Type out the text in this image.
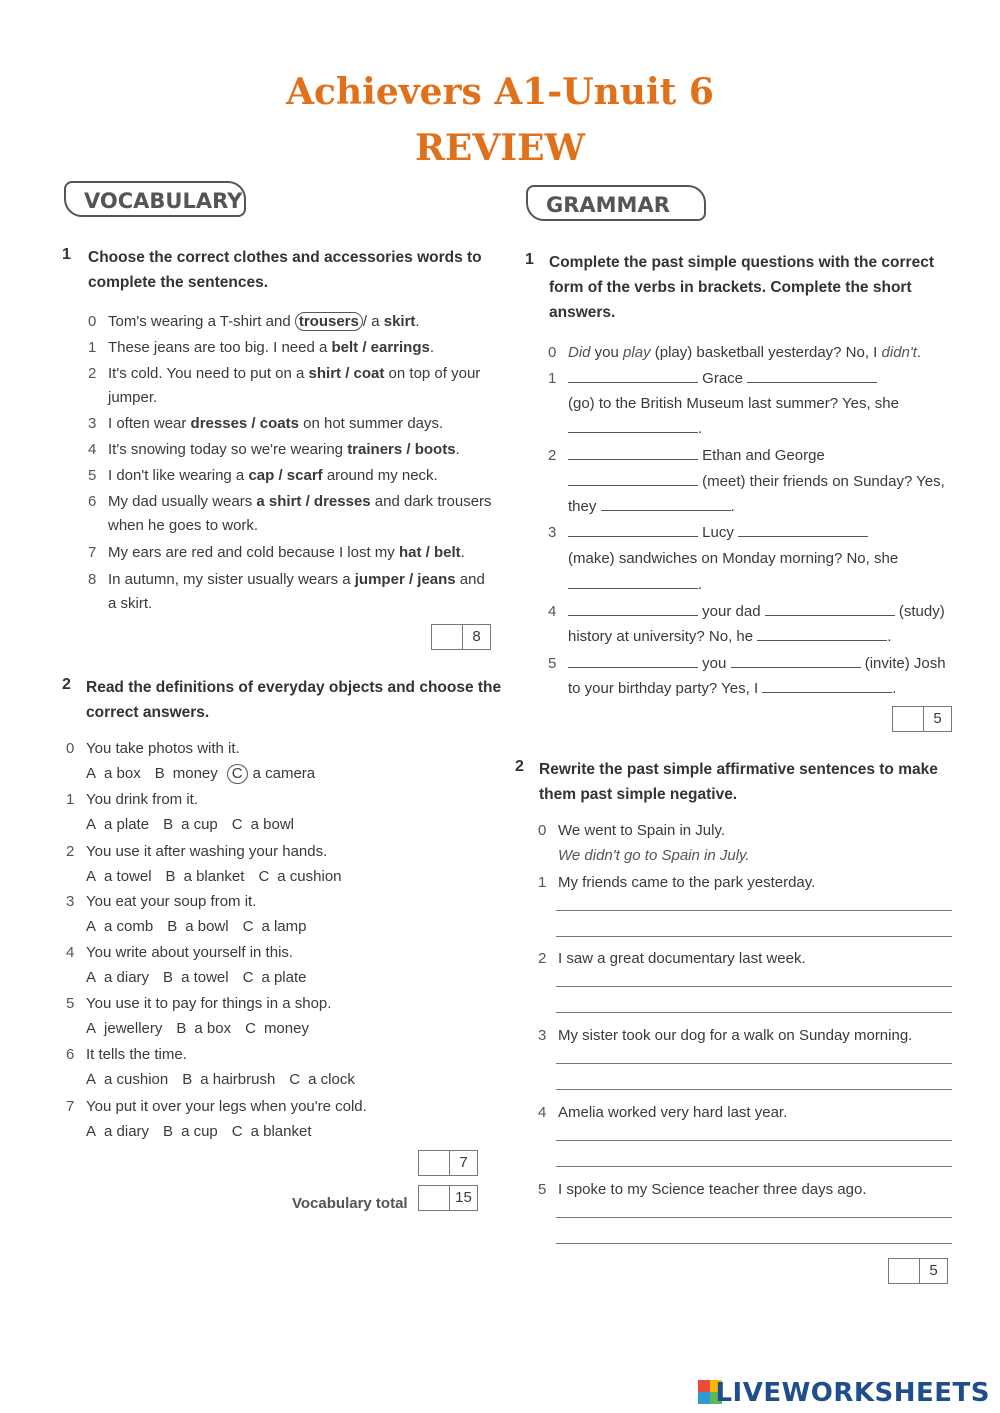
Achievers A1-Unuit 6
REVIEW
VOCABULARY
1 Choose the correct clothes and accessories words to
complete the sentences.
0 Tom's wearing a T-shirt and trousers / a skirt.
1 These jeans are too big. I need a belt / earrings.
2 It's cold. You need to put on a shirt / coat on top of your
jumper.
3 I often wear dresses / coats on hot summer days.
4 It's snowing today so we're wearing trainers / boots.
5 I don't like wearing a cap / scarf around my neck.
6 My dad usually wears a shirt / dresses and dark trousers
when he goes to work.
7 My ears are red and cold because I lost my hat / belt.
8 In autumn, my sister usually wears a jumper / jeans and
a skirt.
8
2 Read the definitions of everyday objects and choose the
correct answers.
0 You take photos with it.
A a box B money C a camera
1 You drink from it.
A a plate B a cup C a bowl
2 You use it after washing your hands.
A a towel B a blanket C a cushion
3 You eat your soup from it.
A a comb B a bowl C a lamp
4 You write about yourself in this.
A a diary B a towel C a plate
5 You use it to pay for things in a shop.
A jewellery B a box C money
6 It tells the time.
A a cushion B a hairbrush C a clock
7 You put it over your legs when you're cold.
A a diary B a cup C a blanket
7
Vocabulary total	15
GRAMMAR
1 Complete the past simple questions with the correct
form of the verbs in brackets. Complete the short
answers.
0 Did you play (play) basketball yesterday? No, I didn't.
1	Grace
(go) to the British Museum last summer? Yes, she
.
2	Ethan and George
(meet) their friends on Sunday? Yes,
they	.
3	Lucy
(make) sandwiches on Monday morning? No, she
.
4	your dad	(study)
history at university? No, he	.
5	you	(invite) Josh
to your birthday party? Yes, I	.
5
2 Rewrite the past simple affirmative sentences to make
them past simple negative.
0 We went to Spain in July.
We didn't go to Spain in July.
1 My friends came to the park yesterday.
2 I saw a great documentary last week.
3 My sister took our dog for a walk on Sunday morning.
4 Amelia worked very hard last year.
5 I spoke to my Science teacher three days ago.
5
LIVEWORKSHEETS
